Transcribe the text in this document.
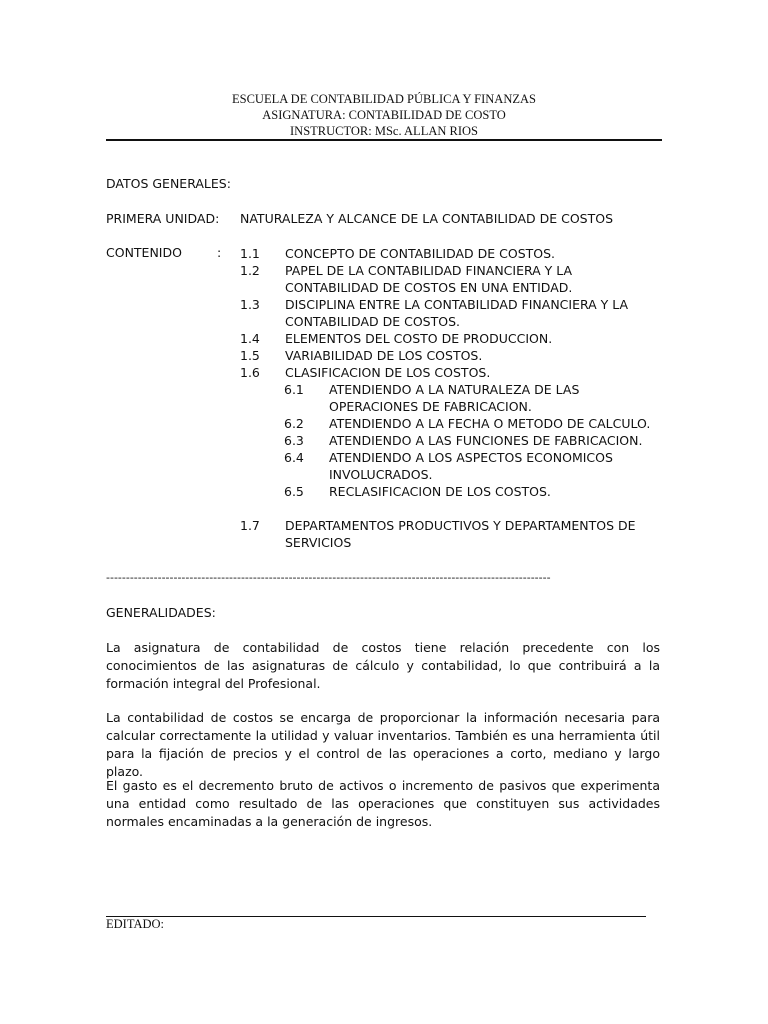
ESCUELA DE CONTABILIDAD PÚBLICA Y FINANZAS
ASIGNATURA: CONTABILIDAD DE COSTO
INSTRUCTOR: MSc. ALLAN RIOS
DATOS GENERALES:
PRIMERA UNIDAD: NATURALEZA Y ALCANCE DE LA CONTABILIDAD DE COSTOS
CONTENIDO	: 1.1 CONCEPTO DE CONTABILIDAD DE COSTOS.
1.2 PAPEL DE LA CONTABILIDAD FINANCIERA Y LA CONTABILIDAD DE COSTOS EN UNA ENTIDAD.
1.3 DISCIPLINA ENTRE LA CONTABILIDAD FINANCIERA Y LA CONTABILIDAD DE COSTOS.
1.4 ELEMENTOS DEL COSTO DE PRODUCCION.
1.5 VARIABILIDAD DE LOS COSTOS.
1.6 CLASIFICACION DE LOS COSTOS.
6.1 ATENDIENDO A LA NATURALEZA DE LAS OPERACIONES DE FABRICACION.
6.2 ATENDIENDO A LA FECHA O METODO DE CALCULO.
6.3 ATENDIENDO A LAS FUNCIONES DE FABRICACION.
6.4 ATENDIENDO A LOS ASPECTOS ECONOMICOS INVOLUCRADOS.
6.5 RECLASIFICACION DE LOS COSTOS.
1.7 DEPARTAMENTOS PRODUCTIVOS Y DEPARTAMENTOS DE SERVICIOS
----------------------------------------------------------------------------------------------------------------
GENERALIDADES:
La asignatura de contabilidad de costos tiene relación precedente con los conocimientos de las asignaturas de cálculo y contabilidad, lo que contribuirá a la formación integral del Profesional.
La contabilidad de costos se encarga de proporcionar la información necesaria para calcular correctamente la utilidad y valuar inventarios. También es una herramienta útil para la fijación de precios y el control de las operaciones a corto, mediano y largo plazo.
El gasto es el decremento bruto de activos o incremento de pasivos que experimenta una entidad como resultado de las operaciones que constituyen sus actividades normales encaminadas a la generación de ingresos.
EDITADO:
